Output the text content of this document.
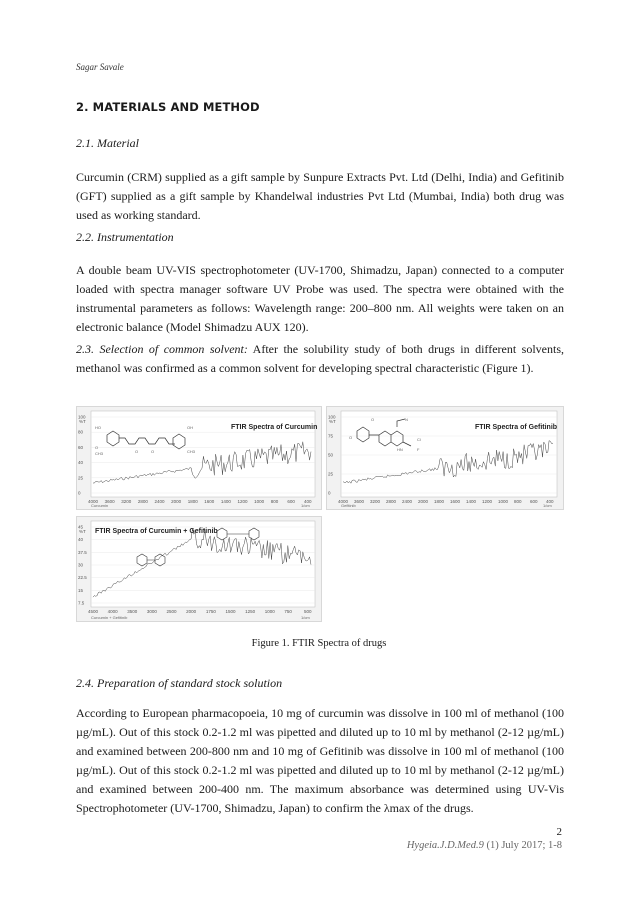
Sagar Savale
2. MATERIALS AND METHOD
2.1. Material
Curcumin (CRM) supplied as a gift sample by Sunpure Extracts Pvt. Ltd (Delhi, India) and Gefitinib (GFT) supplied as a gift sample by Khandelwal industries Pvt Ltd (Mumbai, India) both drug was used as working standard.
2.2. Instrumentation
A double beam UV-VIS spectrophotometer (UV-1700, Shimadzu, Japan) connected to a computer loaded with spectra manager software UV Probe was used. The spectra were obtained with the instrumental parameters as follows: Wavelength range: 200–800 nm. All weights were taken on an electronic balance (Model Shimadzu AUX 120).
2.3. Selection of common solvent: After the solubility study of both drugs in different solvents, methanol was confirmed as a common solvent for developing spectral characteristic (Figure 1).
%T
100
80
60
40
25
0
4000 3600 3200 2800 2400 2000 1800 1600 1400 1200 1000 800 600 400
HO	OH
O
CH3	O	O	CH3
FTIR Spectra of Curcumin
Curcumin	1/cm
%T
100
75
50
25
0
4000 3600 3200 2800 2400 2000 1800 1600 1400 1200 1000 800 600 400
O	N
O
HN
Cl
F
FTIR Spectra of Gefitinib
Gefitinib	1/cm
%T
45
40
37.5
30
22.5
15
7.5
4500 4000 3500 3000 2500 2000 1750 1500 1250 1000 750	500
FTIR Spectra of Curcumin + Gefitinib
Curcumin + Gefitinib	1/cm
Figure 1. FTIR Spectra of drugs
2.4. Preparation of standard stock solution
According to European pharmacopoeia, 10 mg of curcumin was dissolve in 100 ml of methanol (100 µg/mL). Out of this stock 0.2-1.2 ml was pipetted and diluted up to 10 ml by methanol (2-12 µg/mL) and examined between 200-800 nm and 10 mg of Gefitinib was dissolve in 100 ml of methanol (100 µg/mL). Out of this stock 0.2-1.2 ml was pipetted and diluted up to 10 ml by methanol (2-12 µg/mL) and examined between 200-400 nm. The maximum absorbance was determined using UV-Vis Spectrophotometer (UV-1700, Shimadzu, Japan) to confirm the λmax of the drugs.
2
Hygeia.J.D.Med.9 (1) July 2017; 1-8
